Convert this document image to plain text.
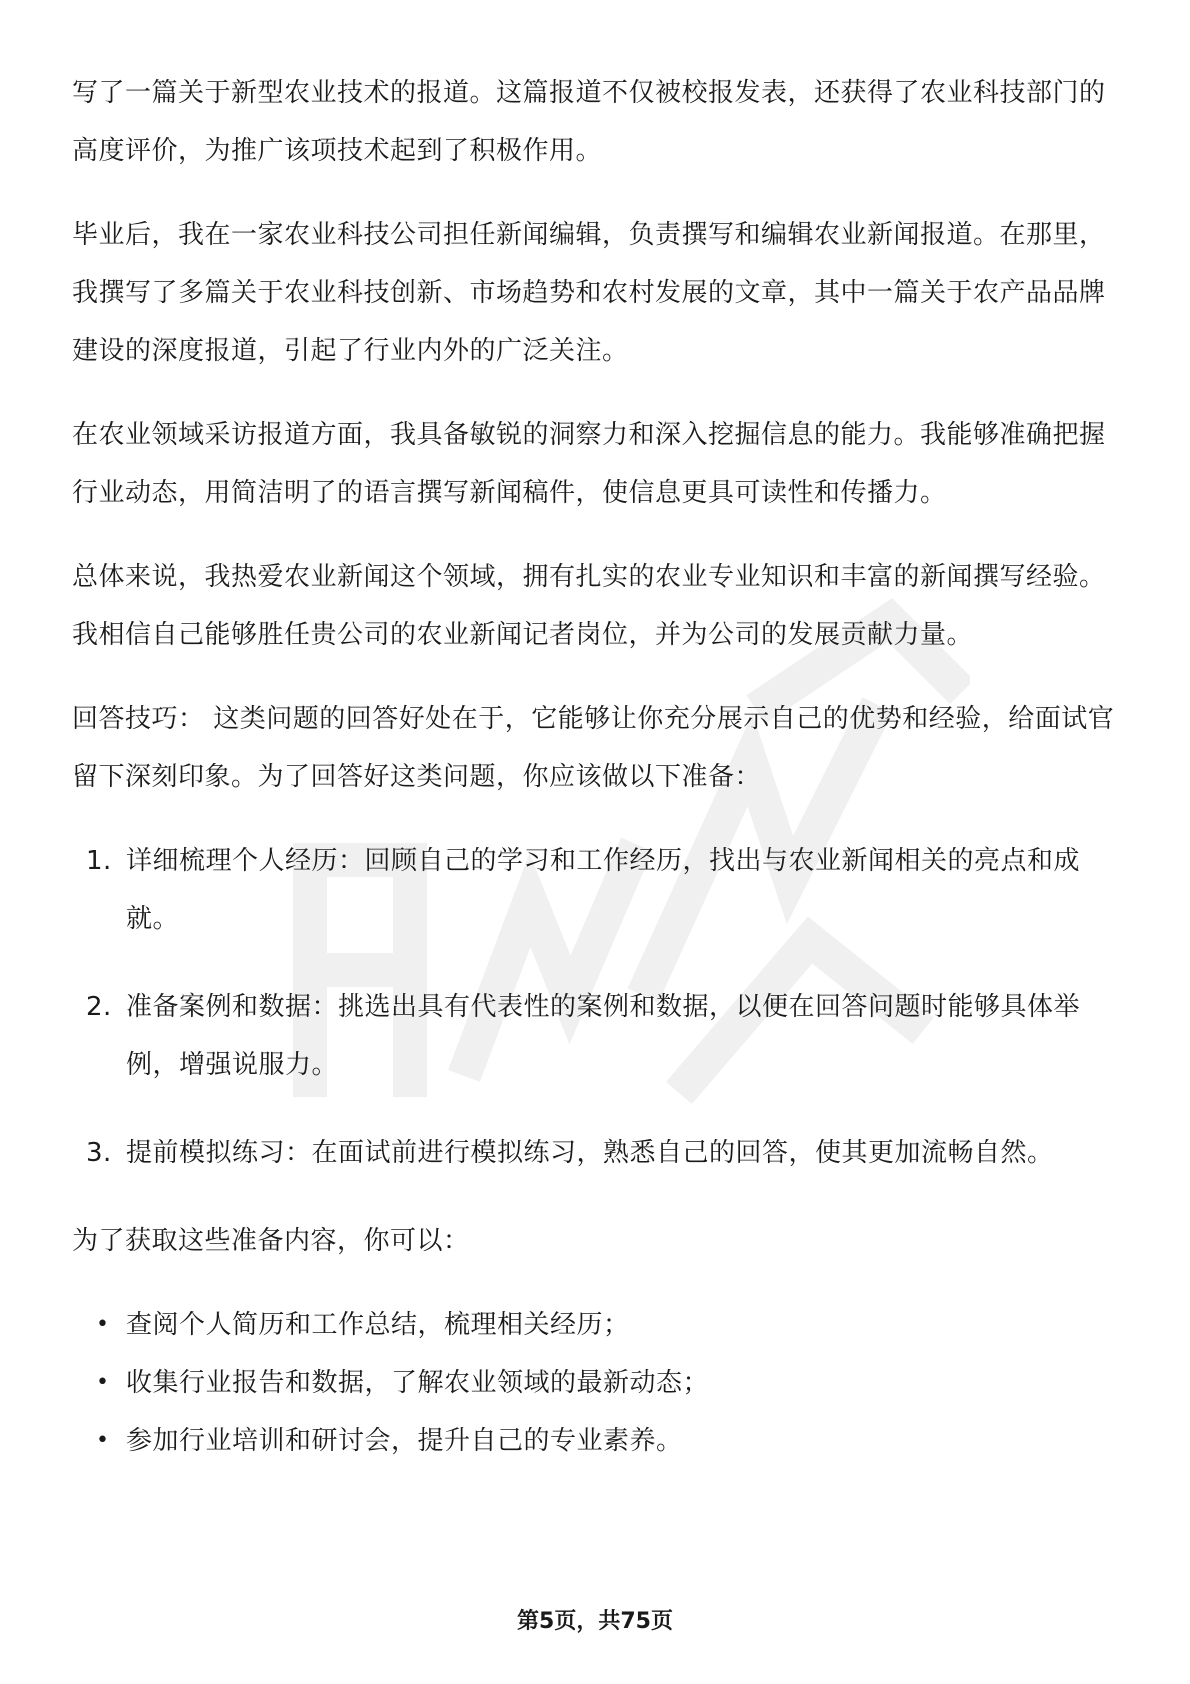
写了一篇关于新型农业技术的报道。这篇报道不仅被校报发表，还获得了农业科技部门的高度评价，为推广该项技术起到了积极作用。

毕业后，我在一家农业科技公司担任新闻编辑，负责撰写和编辑农业新闻报道。在那里，我撰写了多篇关于农业科技创新、市场趋势和农村发展的文章，其中一篇关于农产品品牌建设的深度报道，引起了行业内外的广泛关注。

在农业领域采访报道方面，我具备敏锐的洞察力和深入挖掘信息的能力。我能够准确把握行业动态，用简洁明了的语言撰写新闻稿件，使信息更具可读性和传播力。

总体来说，我热爱农业新闻这个领域，拥有扎实的农业专业知识和丰富的新闻撰写经验。我相信自己能够胜任贵公司的农业新闻记者岗位，并为公司的发展贡献力量。

回答技巧： 这类问题的回答好处在于，它能够让你充分展示自己的优势和经验，给面试官留下深刻印象。为了回答好这类问题，你应该做以下准备：

1. 详细梳理个人经历：回顾自己的学习和工作经历，找出与农业新闻相关的亮点和成就。
2. 准备案例和数据：挑选出具有代表性的案例和数据，以便在回答问题时能够具体举例，增强说服力。
3. 提前模拟练习：在面试前进行模拟练习，熟悉自己的回答，使其更加流畅自然。

为了获取这些准备内容，你可以：

• 查阅个人简历和工作总结，梳理相关经历；
• 收集行业报告和数据，了解农业领域的最新动态；
• 参加行业培训和研讨会，提升自己的专业素养。
第5页，共75页
